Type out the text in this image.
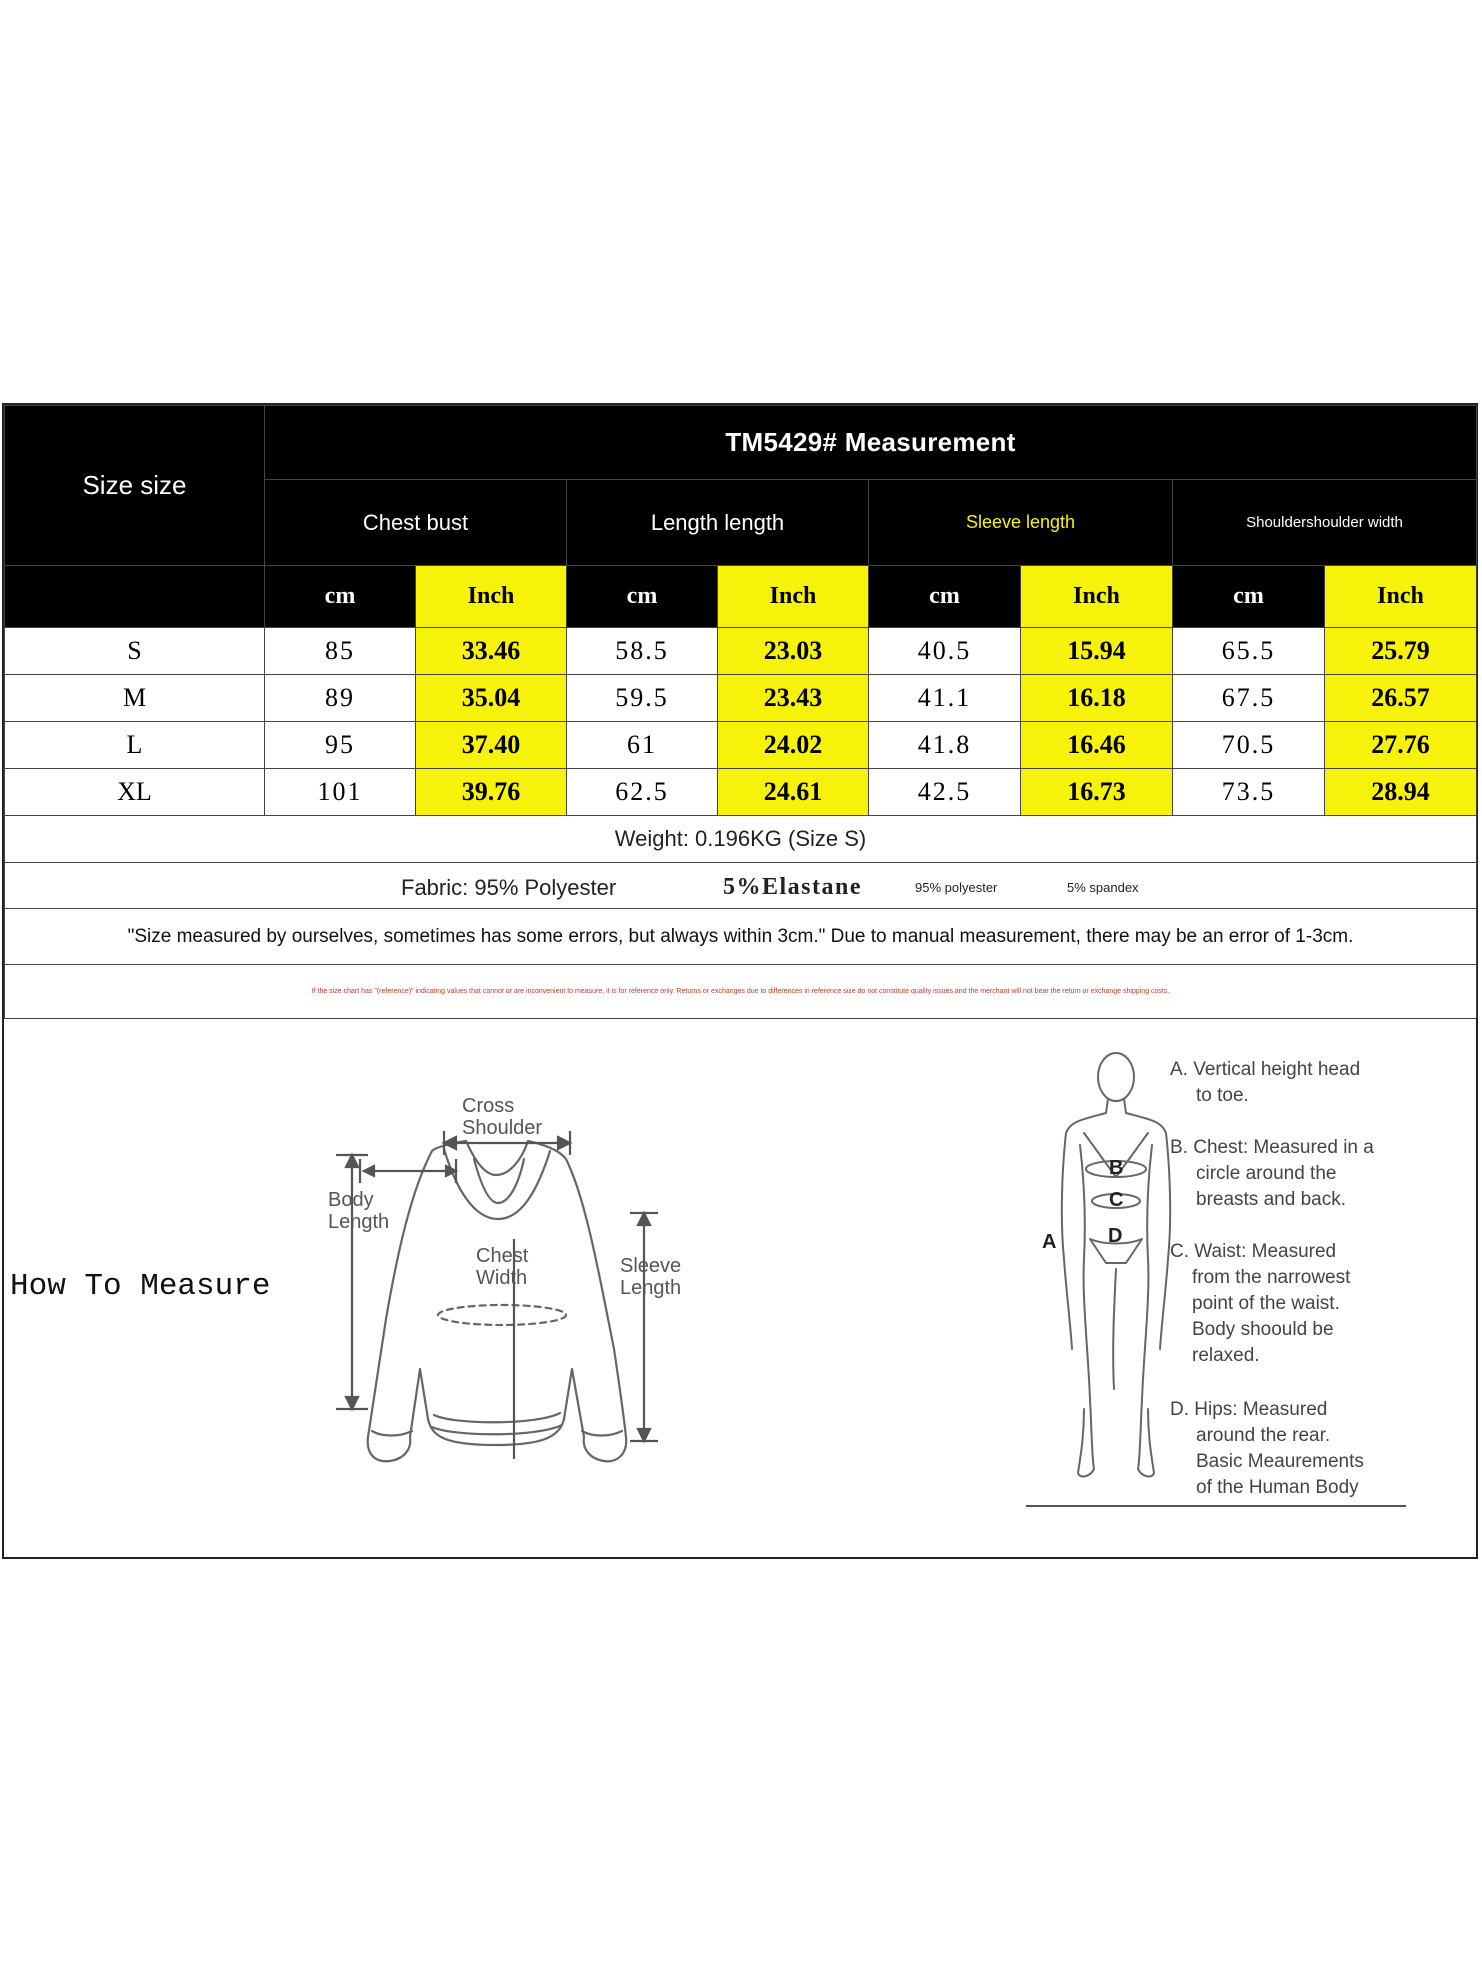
Size size	TM5429# Measurement							
	Chest bust		Length length		Sleeve length		Shouldershoulder width	
	cm	Inch	cm	Inch	cm	Inch	cm	Inch
S	85	33.46	58.5	23.03	40.5	15.94	65.5	25.79
M	89	35.04	59.5	23.43	41.1	16.18	67.5	26.57
L	95	37.40	61	24.02	41.8	16.46	70.5	27.76
XL	101	39.76	62.5	24.61	42.5	16.73	73.5	28.94
Weight: 0.196KG (Size S)								

Fabric: 95% Polyester 5%Elastane 95% polyester 5% spandex								

"Size measured by ourselves, sometimes has some errors, but always within 3cm." Due to manual measurement, there may be an error of 1-3cm.								
If the size chart has "(reference)" indicating values that cannot or are inconvenient to measure, it is for reference only. Returns or exchanges due to differences in reference size do not constitute quality issues and the merchant will not bear the return or exchange shipping costs.								
How To Measure
Cross
Shoulder
Body
Length
Chest
Width
Sleeve
Length
B
C
A	D
A. Vertical height head
to toe.
B. Chest: Measured in a
circle around the
breasts and back.
C. Waist: Measured
from the narrowest
point of the waist.
Body shoould be
relaxed.
D. Hips: Measured
around the rear.
Basic Meaurements
of the Human Body
